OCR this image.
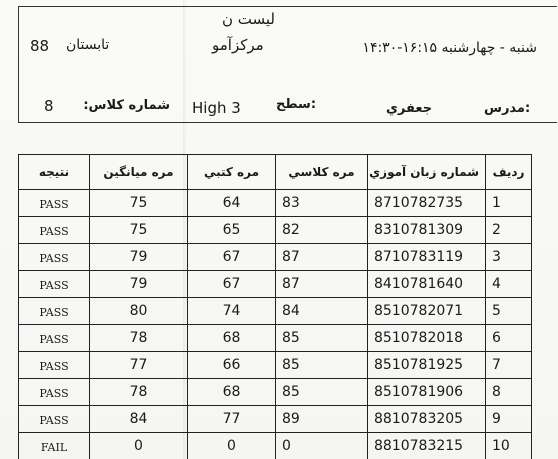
لیست ن
مرکزآمو
88 تابستان	شنبه - چهارشنبه ۱۶:۱۵-۱۴:۳۰
8 شماره کلاس: High 3	سطح:	جعفري	مدرس:
رديف	شماره زبان آموزي	مره كلاسي	مره كتبي	مره ميانگين	نتيجه
1	8710782735	83	64	75	PASS
2	8310781309	82	65	75	PASS
3	8710783119	87	67	79	PASS
4	8410781640	87	67	79	PASS
5	8510782071	84	74	80	PASS
6	8510782018	85	68	78	PASS
7	8510781925	85	66	77	PASS
8	8510781906	85	68	78	PASS
9	8810783205	89	77	84	PASS
10	8810783215	0	0	0	FAIL
